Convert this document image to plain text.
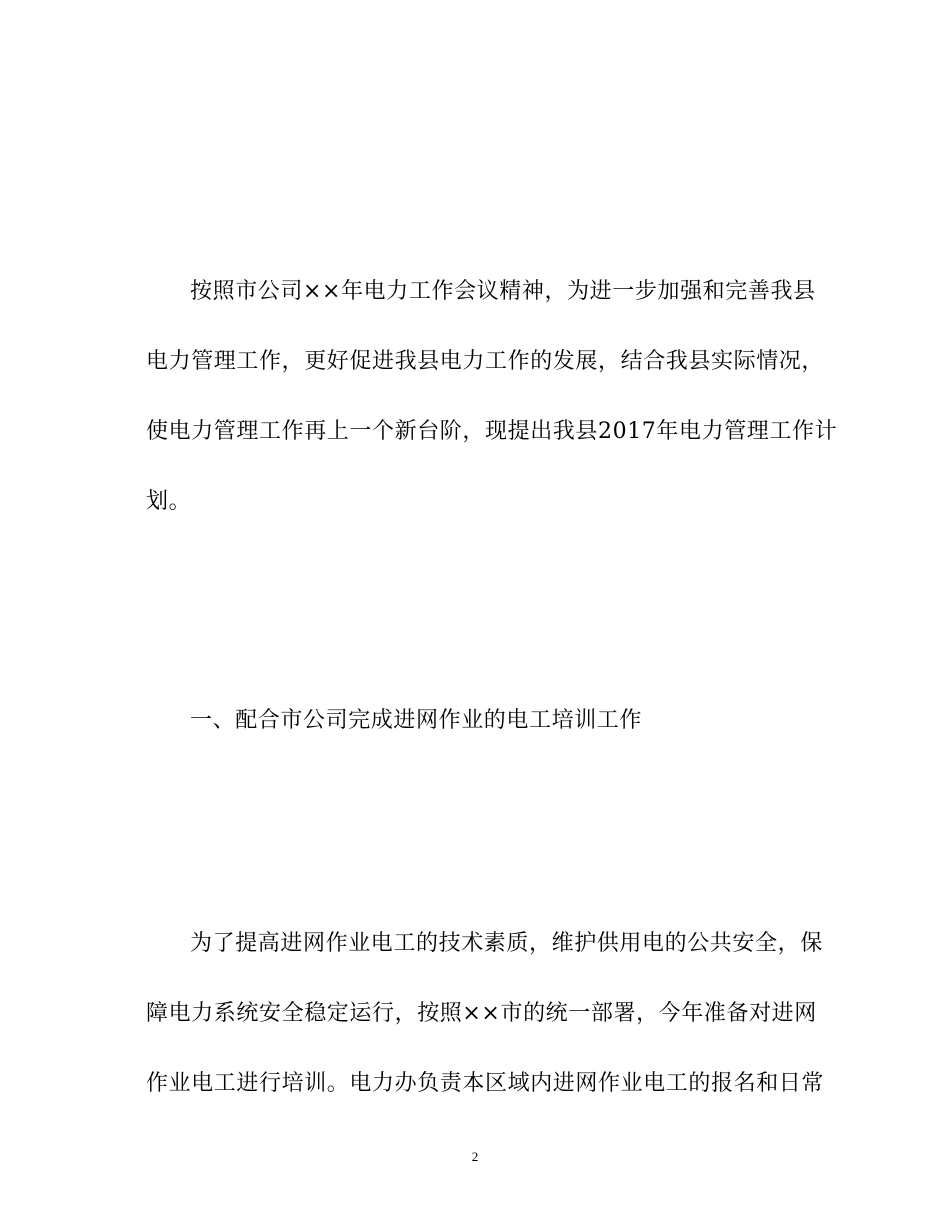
按照市公司××年电力工作会议精神，为进一步加强和完善我县
电力管理工作，更好促进我县电力工作的发展，结合我县实际情况，
使电力管理工作再上一个新台阶，现提出我县2017年电力管理工作计
划。
一、配合市公司完成进网作业的电工培训工作
为了提高进网作业电工的技术素质，维护供用电的公共安全，保
障电力系统安全稳定运行，按照××市的统一部署，今年准备对进网
作业电工进行培训。电力办负责本区域内进网作业电工的报名和日常
2
